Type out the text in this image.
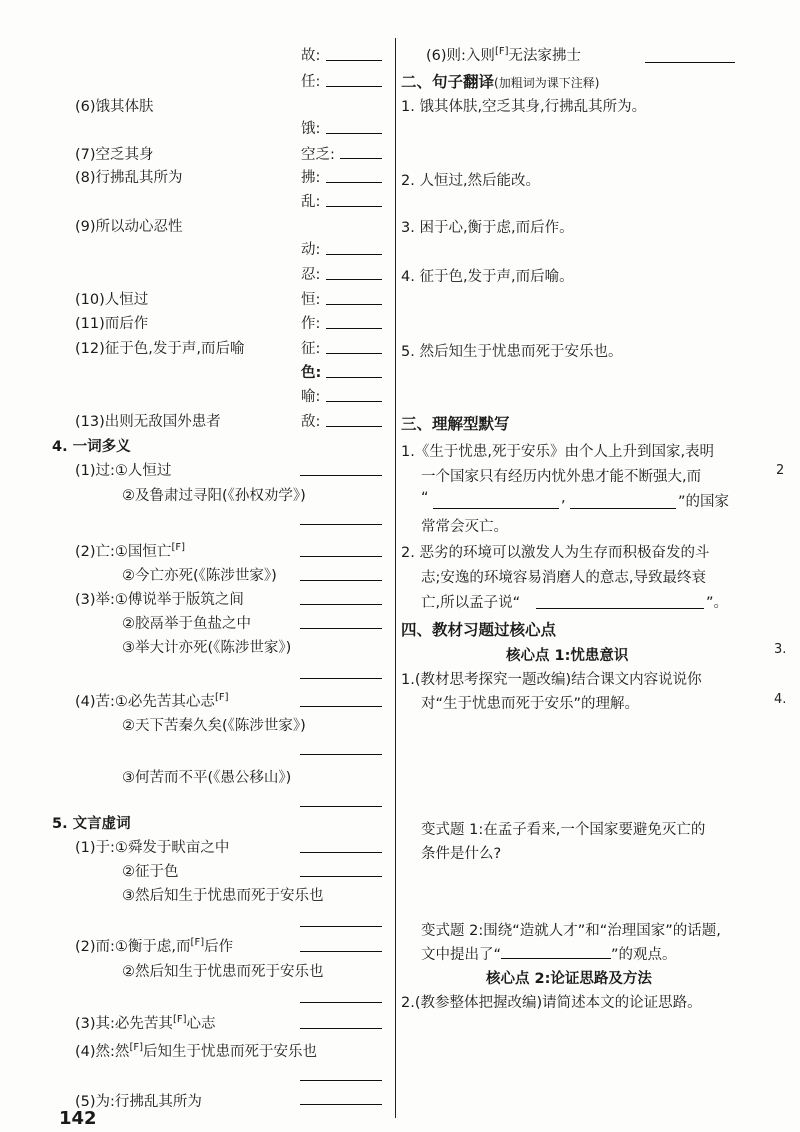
故:
任:
(6)饿其体肤
饿:
(7)空乏其身	空乏:
(8)行拂乱其所为	拂:
乱:
(9)所以动心忍性
动:
忍:
(10)人恒过	恒:
(11)而后作	作:
(12)征于色,发于声,而后喻	征:
色:
喻:
(13)出则无敌国外患者	敌:
4. 一词多义
(1)过:①人恒过
②及鲁肃过寻阳(《孙权劝学》)
(2)亡:①国恒亡[F]
②今亡亦死(《陈涉世家》)
(3)举:①傅说举于版筑之间
②胶鬲举于鱼盐之中
③举大计亦死(《陈涉世家》)
(4)苦:①必先苦其心志[F]
②天下苦秦久矣(《陈涉世家》)
③何苦而不平(《愚公移山》)
5. 文言虚词
(1)于:①舜发于畎亩之中
②征于色
③然后知生于忧患而死于安乐也
(2)而:①衡于虑,而[F]后作
②然后知生于忧患而死于安乐也
(3)其:必先苦其[F]心志
(4)然:然[F]后知生于忧患而死于安乐也
(5)为:行拂乱其所为
142
(6)则:入则[F]无法家拂士
二、句子翻译(加粗词为课下注释)
1. 饿其体肤,空乏其身,行拂乱其所为。
2. 人恒过,然后能改。
3. 困于心,衡于虑,而后作。
4. 征于色,发于声,而后喻。
5. 然后知生于忧患而死于安乐也。
三、理解型默写
1.《生于忧患,死于安乐》由个人上升到国家,表明
一个国家只有经历内忧外患才能不断强大,而
“	,	”的国家
常常会灭亡。
2. 恶劣的环境可以激发人为生存而积极奋发的斗
志;安逸的环境容易消磨人的意志,导致最终衰
亡,所以孟子说“	”。
四、教材习题过核心点
核心点 1:忧患意识
1.(教材思考探究一题改编)结合课文内容说说你
对“生于忧患而死于安乐”的理解。
变式题 1:在孟子看来,一个国家要避免灭亡的
条件是什么?
变式题 2:围绕“造就人才”和“治理国家”的话题,
文中提出了“	”的观点。
核心点 2:论证思路及方法
2.(教参整体把握改编)请简述本文的论证思路。
2
3.
4.
